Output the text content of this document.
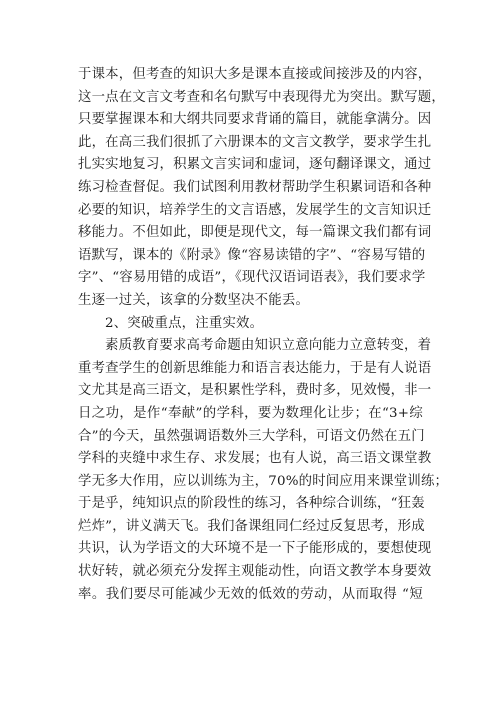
于课本，但考查的知识大多是课本直接或间接涉及的内容，
这一点在文言文考查和名句默写中表现得尤为突出。默写题，
只要掌握课本和大纲共同要求背诵的篇目，就能拿满分。因
此，在高三我们很抓了六册课本的文言文教学，要求学生扎
扎实实地复习，积累文言实词和虚词，逐句翻译课文，通过
练习检查督促。我们试图利用教材帮助学生积累词语和各种
必要的知识，培养学生的文言语感，发展学生的文言知识迁
移能力。不但如此，即便是现代文，每一篇课文我们都有词
语默写，课本的《附录》像“容易读错的字”、“容易写错的
字”、“容易用错的成语”，《现代汉语词语表》，我们要求学
生逐一过关，该拿的分数坚决不能丢。
2、突破重点，注重实效。
素质教育要求高考命题由知识立意向能力立意转变，着
重考查学生的创新思维能力和语言表达能力，于是有人说语
文尤其是高三语文，是积累性学科，费时多，见效慢，非一
日之功，是作“奉献”的学科，要为数理化让步；在“3+综
合”的今天，虽然强调语数外三大学科，可语文仍然在五门
学科的夹缝中求生存、求发展；也有人说，高三语文课堂教
学无多大作用，应以训练为主，70%的时间应用来课堂训练；
于是乎，纯知识点的阶段性的练习，各种综合训练，“狂轰
烂炸”，讲义满天飞。我们备课组同仁经过反复思考，形成
共识，认为学语文的大环境不是一下子能形成的，要想使现
状好转，就必须充分发挥主观能动性，向语文教学本身要效
率。我们要尽可能减少无效的低效的劳动，从而取得 “短
